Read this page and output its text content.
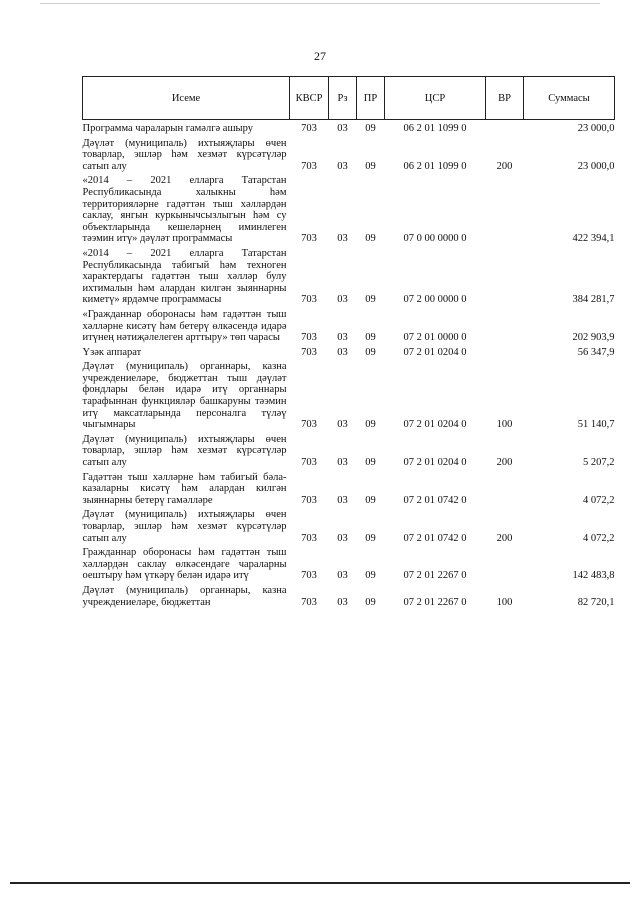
27
Исеме	КВСР	Рз	ПР	ЦСР	ВР	Суммасы
Программа чараларын гамәлгә ашыру	703	03	09	06 2 01 1099 0		23 000,0
Дәүләт (муниципаль) ихтыяҗлары өчен товарлар, эшләр һәм хезмәт күрсәтүләр сатып алу	703	03	09	06 2 01 1099 0	200	23 000,0
«2014 – 2021 елларга Татарстан Республикасында халыкны һәм территорияләрне гадәттән тыш хәлләрдән саклау, янгын куркынычсызлыгын һәм су объектларында кешеләрнең иминлеген тәэмин итү» дәүләт программасы	703	03	09	07 0 00 0000 0		422 394,1
«2014 – 2021 елларга Татарстан Республикасында табигый һәм техноген характердагы гадәттән тыш хәлләр булу ихтималын һәм алардан килгән зыяннарны киметү» ярдәмче программасы	703	03	09	07 2 00 0000 0		384 281,7
«Гражданнар оборонасы һәм гадәттән тыш хәлләрне кисәтү һәм бетерү өлкәсендә идарә итүнең нәтиҗәлелеген арттыру» төп чарасы	703	03	09	07 2 01 0000 0		202 903,9
Үзәк аппарат	703	03	09	07 2 01 0204 0		56 347,9
Дәүләт (муниципаль) органнары, казна учреждениеләре, бюджеттан тыш дәүләт фондлары белән идарә итү органнары тарафыннан функцияләр башкаруны тәэмин итү максатларында персоналга түләү чыгымнары	703	03	09	07 2 01 0204 0	100	51 140,7
Дәүләт (муниципаль) ихтыяҗлары өчен товарлар, эшләр һәм хезмәт күрсәтүләр сатып алу	703	03	09	07 2 01 0204 0	200	5 207,2
Гадәттән тыш хәлләрне һәм табигый бәла-казаларны кисәтү һәм алардан килгән зыяннарны бетерү гамәлләре	703	03	09	07 2 01 0742 0		4 072,2
Дәүләт (муниципаль) ихтыяҗлары өчен товарлар, эшләр һәм хезмәт күрсәтүләр сатып алу	703	03	09	07 2 01 0742 0	200	4 072,2
Гражданнар оборонасы һәм гадәттән тыш хәлләрдән саклау өлкәсендәге чараларны оештыру һәм үткәрү белән идарә итү	703	03	09	07 2 01 2267 0		142 483,8
Дәүләт (муниципаль) органнары, казна учреждениеләре, бюджеттан	703	03	09	07 2 01 2267 0	100	82 720,1
